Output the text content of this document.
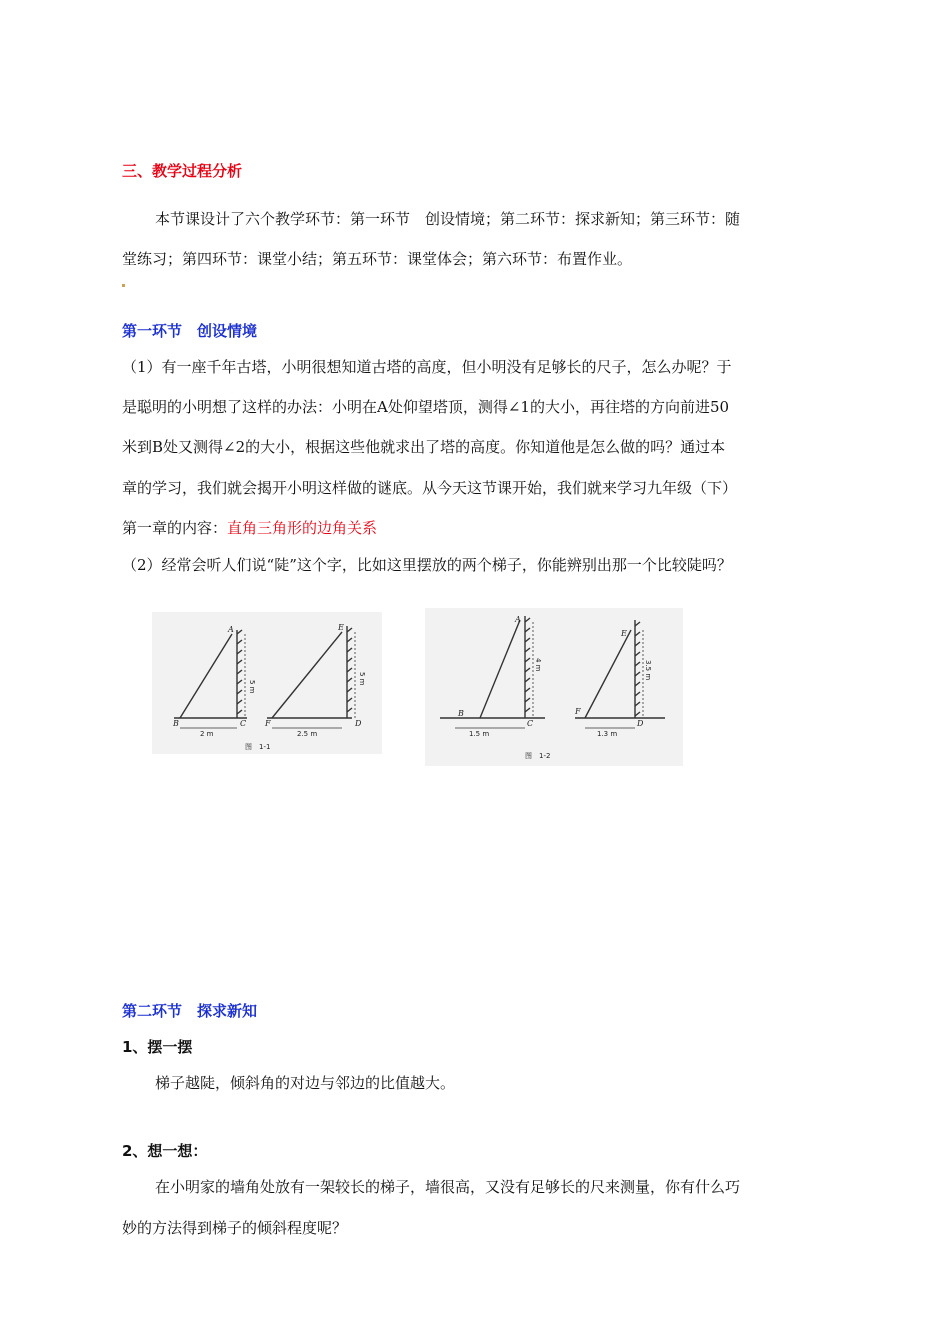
三、教学过程分析
本节课设计了六个教学环节：第一环节　创设情境；第二环节：探求新知；第三环节：随
堂练习；第四环节：课堂小结；第五环节：课堂体会；第六环节：布置作业。
第一环节　创设情境
（1）有一座千年古塔，小明很想知道古塔的高度，但小明没有足够长的尺子，怎么办呢？于
是聪明的小明想了这样的办法：小明在A处仰望塔顶，测得∠1的大小，再往塔的方向前进50
米到B处又测得∠2的大小，根据这些他就求出了塔的高度。你知道他是怎么做的吗？通过本
章的学习，我们就会揭开小明这样做的谜底。从今天这节课开始，我们就来学习九年级（下）
第一章的内容：直角三角形的边角关系
（2）经常会听人们说“陡”这个字，比如这里摆放的两个梯子，你能辨别出那一个比较陡吗？
A
B	C
E
F	D
2 m	2.5 m
5 m
5 m
图　1-1
A
B
C
E
F
D
1.5 m	1.3 m
4 m	3.5 m
图　1-2
第二环节　探求新知
1、摆一摆
梯子越陡，倾斜角的对边与邻边的比值越大。
2、想一想：
在小明家的墙角处放有一架较长的梯子，墙很高，又没有足够长的尺来测量，你有什么巧
妙的方法得到梯子的倾斜程度呢？
